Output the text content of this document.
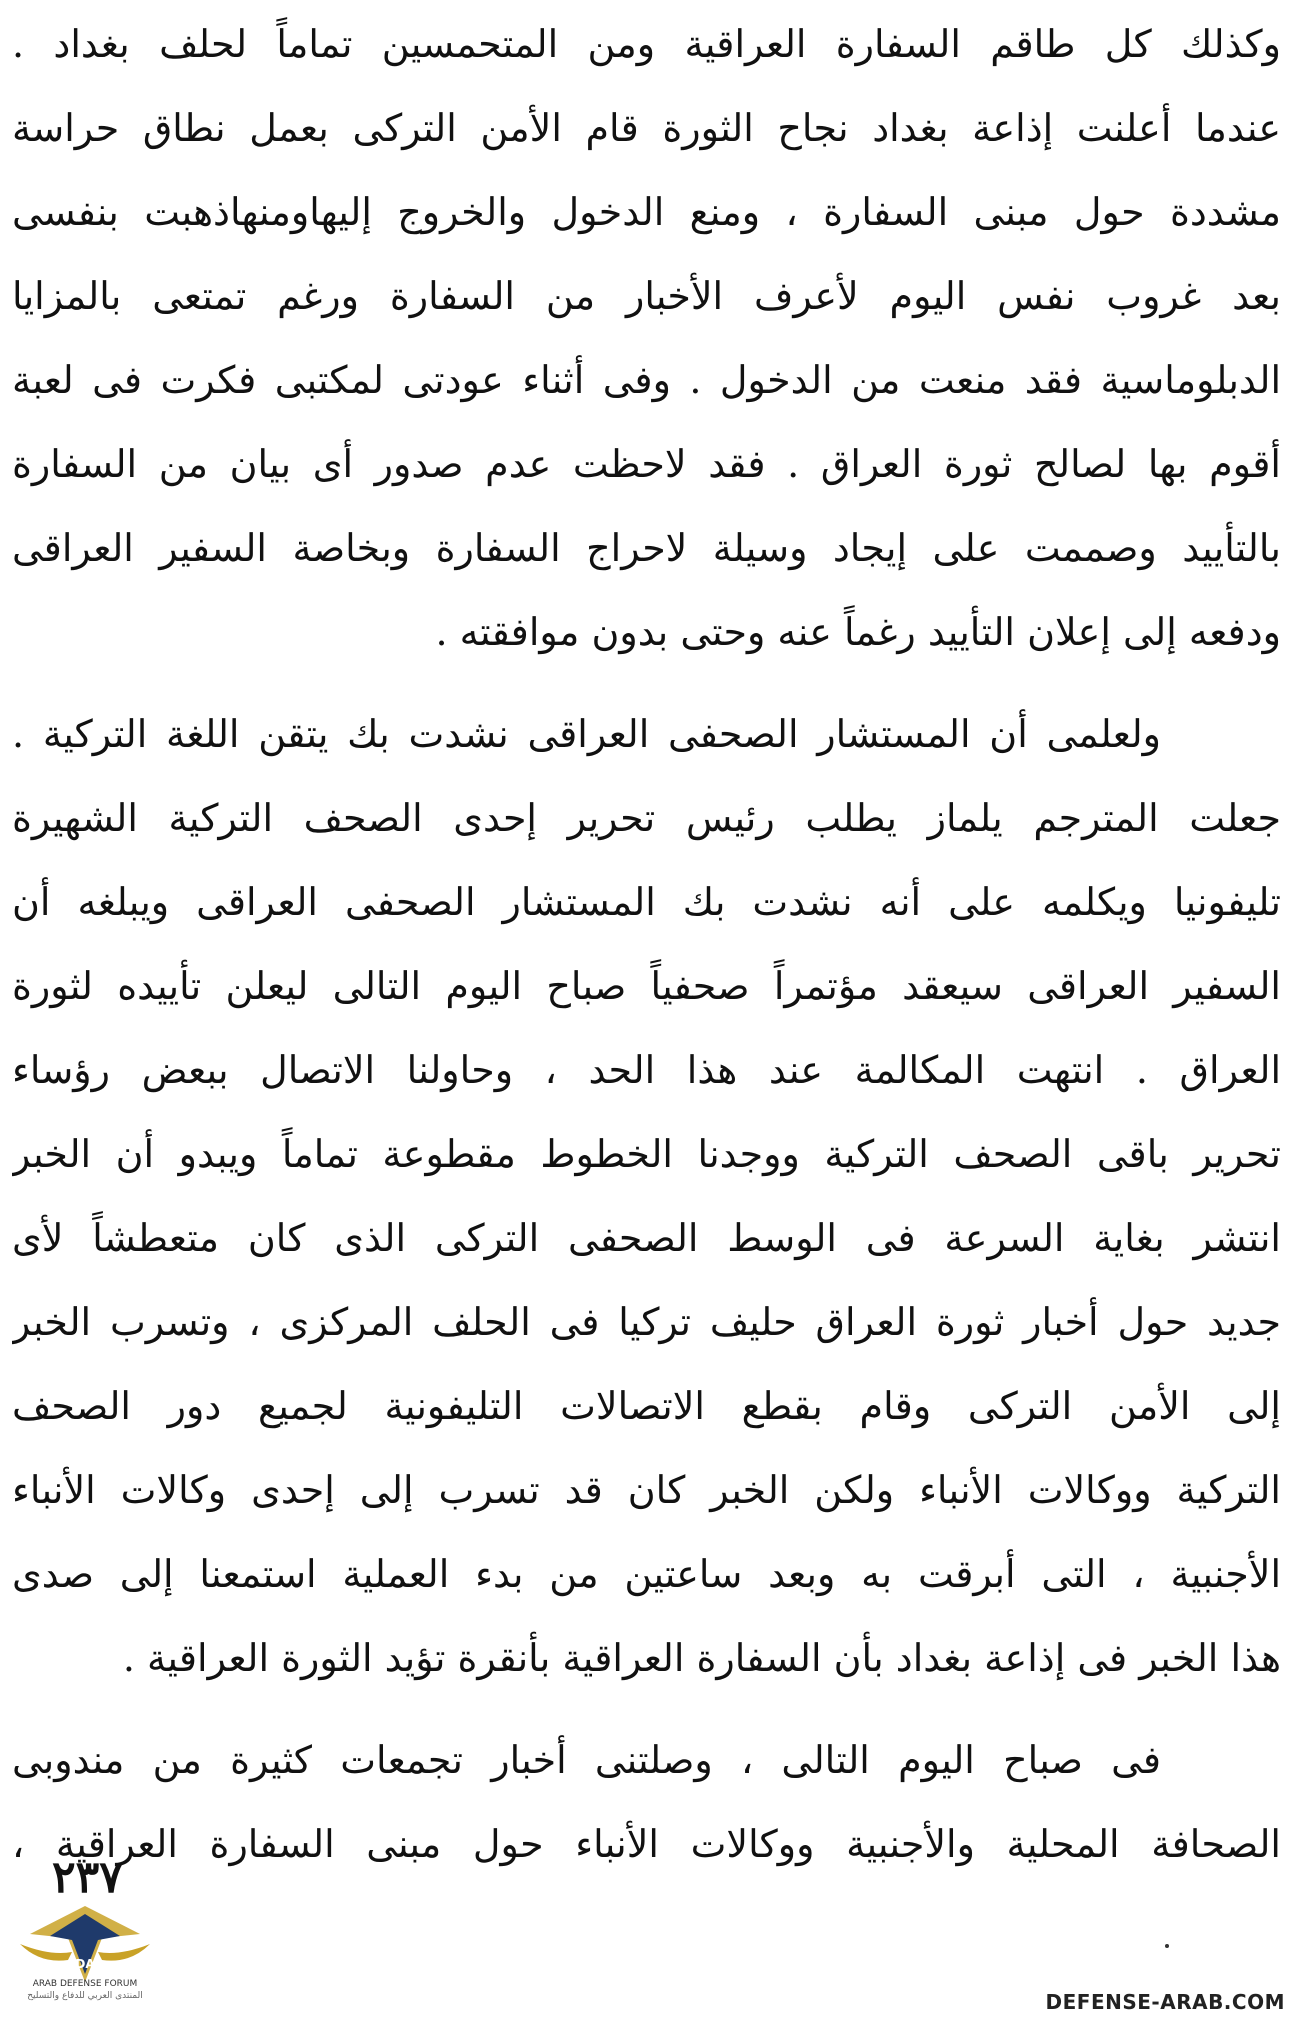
وكذلك كل طاقم السفارة العراقية ومن المتحمسين تماماً لحلف بغداد .
عندما أعلنت إذاعة بغداد نجاح الثورة قام الأمن التركى بعمل نطاق حراسة
مشددة حول مبنى السفارة ، ومنع الدخول والخروج إليهاومنهاذهبت بنفسى
بعد غروب نفس اليوم لأعرف الأخبار من السفارة ورغم تمتعى بالمزايا
الدبلوماسية فقد منعت من الدخول . وفى أثناء عودتى لمكتبى فكرت فى لعبة
أقوم بها لصالح ثورة العراق . فقد لاحظت عدم صدور أى بيان من السفارة
بالتأييد وصممت على إيجاد وسيلة لاحراج السفارة وبخاصة السفير العراقى
ودفعه إلى إعلان التأييد رغماً عنه وحتى بدون موافقته .
ولعلمى أن المستشار الصحفى العراقى نشدت بك يتقن اللغة التركية .
جعلت المترجم يلماز يطلب رئيس تحرير إحدى الصحف التركية الشهيرة
تليفونيا ويكلمه على أنه نشدت بك المستشار الصحفى العراقى ويبلغه أن
السفير العراقى سيعقد مؤتمراً صحفياً صباح اليوم التالى ليعلن تأييده لثورة
العراق . انتهت المكالمة عند هذا الحد ، وحاولنا الاتصال ببعض رؤساء
تحرير باقى الصحف التركية ووجدنا الخطوط مقطوعة تماماً ويبدو أن الخبر
انتشر بغاية السرعة فى الوسط الصحفى التركى الذى كان متعطشاً لأى
جديد حول أخبار ثورة العراق حليف تركيا فى الحلف المركزى ، وتسرب الخبر
إلى الأمن التركى وقام بقطع الاتصالات التليفونية لجميع دور الصحف
التركية ووكالات الأنباء ولكن الخبر كان قد تسرب إلى إحدى وكالات الأنباء
الأجنبية ، التى أبرقت به وبعد ساعتين من بدء العملية استمعنا إلى صدى
هذا الخبر فى إذاعة بغداد بأن السفارة العراقية بأنقرة تؤيد الثورة العراقية .
فى صباح اليوم التالى ، وصلتنى أخبار تجمعات كثيرة من مندوبى
الصحافة المحلية والأجنبية ووكالات الأنباء حول مبنى السفارة العراقية ،
٢٣٧
DA
ARAB DEFENSE FORUM
المنتدى العربي للدفاع والتسليح	DEFENSE-ARAB.COM
